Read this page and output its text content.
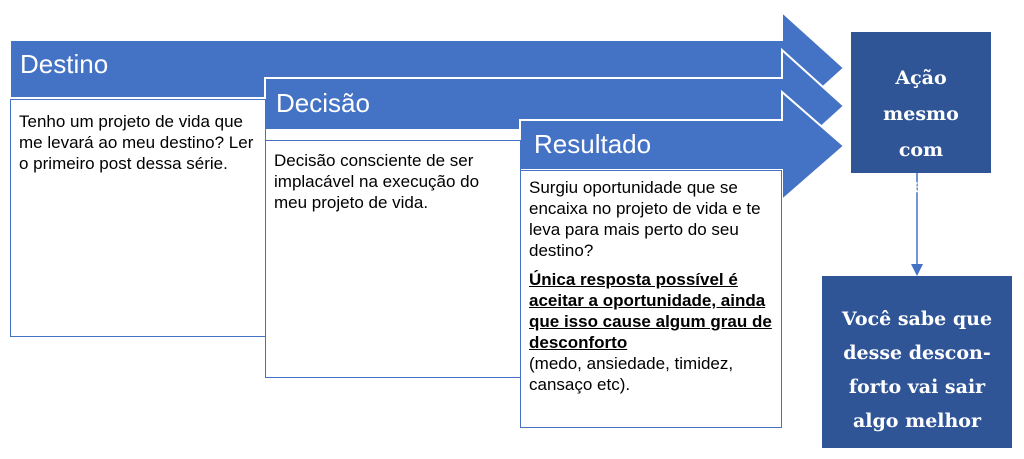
Destino
Decisão
Resultado
Tenho um projeto de vida que me levará ao meu destino? Ler o primeiro post dessa série.	Decisão consciente de ser implacável na execução do meu projeto de vida.
Surgiu oportunidade que se encaixa no projeto de vida e te leva para mais perto do seu destino?
Única resposta possível é aceitar a oportunidade, ainda que isso cause algum grau de desconforto
(medo, ansiedade, timidez, cansaço etc).
Ação mesmo com medo
Você sabe que desse descon-forto vai sair algo melhor
